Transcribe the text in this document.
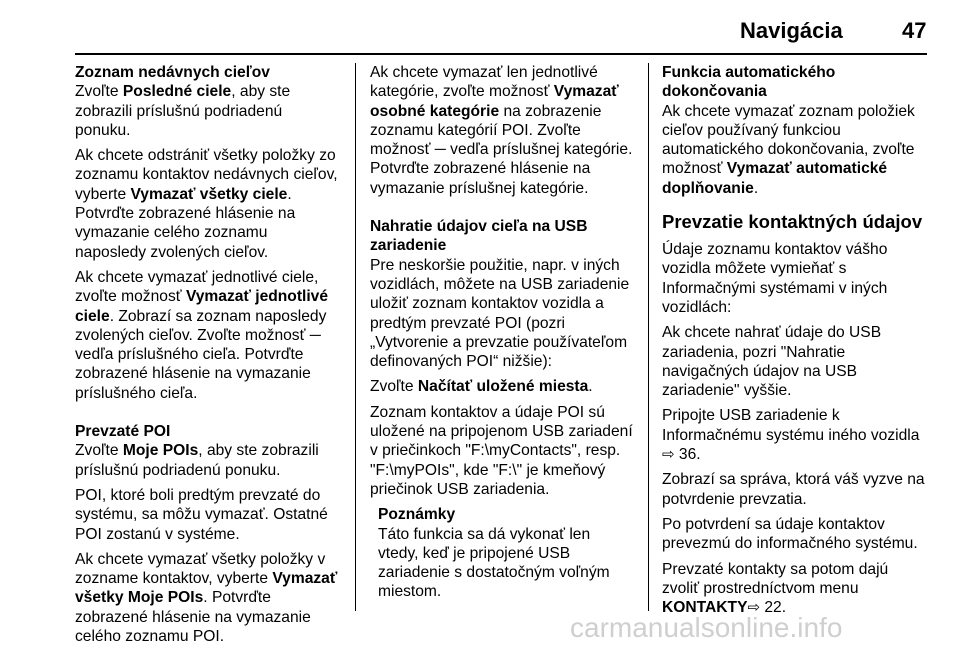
Navigácia	47
Zoznam nedávnych cieľov

Zvoľte Posledné ciele, aby ste zobrazili príslušnú podriadenú ponuku.

Ak chcete odstrániť všetky položky zo zoznamu kontaktov nedávnych cieľov, vyberte Vymazať všetky ciele. Potvrďte zobrazené hlásenie na vymazanie celého zoznamu naposledy zvolených cieľov.

Ak chcete vymazať jednotlivé ciele, zvoľte možnosť Vymazať jednotlivé ciele. Zobrazí sa zoznam naposledy zvolených cieľov. Zvoľte možnosť ─ vedľa príslušného cieľa. Potvrďte zobrazené hlásenie na vymazanie príslušného cieľa.

Prevzaté POI

Zvoľte Moje POIs, aby ste zobrazili príslušnú podriadenú ponuku.

POI, ktoré boli predtým prevzaté do systému, sa môžu vymazať. Ostatné POI zostanú v systéme.

Ak chcete vymazať všetky položky v zozname kontaktov, vyberte Vymazať všetky Moje POIs. Potvrďte zobrazené hlásenie na vymazanie celého zoznamu POI.

Ak chcete vymazať len jednotlivé kategórie, zvoľte možnosť Vymazať osobné kategórie na zobrazenie zoznamu kategórií POI. Zvoľte možnosť ─ vedľa príslušnej kategórie. Potvrďte zobrazené hlásenie na vymazanie príslušnej kategórie.

Nahratie údajov cieľa na USB zariadenie

Pre neskoršie použitie, napr. v iných vozidlách, môžete na USB zariadenie uložiť zoznam kontaktov vozidla a predtým prevzaté POI (pozri „Vytvorenie a prevzatie používateľom definovaných POI“ nižšie):

Zvoľte Načítať uložené miesta.

Zoznam kontaktov a údaje POI sú uložené na pripojenom USB zariadení v priečinkoch "F:\myContacts", resp. "F:\myPOIs", kde "F:\" je kmeňový priečinok USB zariadenia.

Poznámky

Táto funkcia sa dá vykonať len vtedy, keď je pripojené USB zariadenie s dostatočným voľným miestom.

Funkcia automatického dokončovania

Ak chcete vymazať zoznam položiek cieľov používaný funkciou automatického dokončovania, zvoľte možnosť Vymazať automatické doplňovanie.

Prevzatie kontaktných údajov

Údaje zoznamu kontaktov vášho vozidla môžete vymieňať s Informačnými systémami v iných vozidlách:

Ak chcete nahrať údaje do USB zariadenia, pozri "Nahratie navigačných údajov na USB zariadenie" vyššie.

Pripojte USB zariadenie k Informačnému systému iného vozidla ⇨ 36.

Zobrazí sa správa, ktorá váš vyzve na potvrdenie prevzatia.

Po potvrdení sa údaje kontaktov prevezmú do informačného systému.

Prevzaté kontakty sa potom dajú zvoliť prostredníctvom menu

KONTAKTY⇨ 22.

carmanualsonline.info
